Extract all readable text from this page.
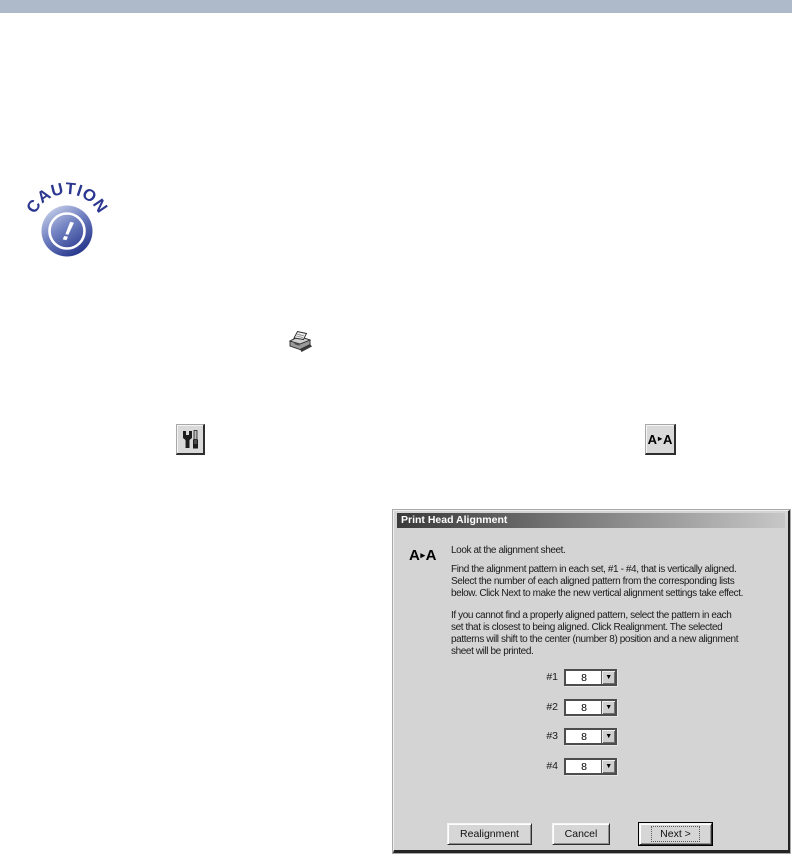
CAUTION
!
A ▸ A
Print Head Alignment
A ▸ A Look at the alignment sheet.
Find the alignment pattern in each set, #1 - #4, that is vertically aligned.
Select the number of each aligned pattern from the corresponding lists
below. Click Next to make the new vertical alignment settings take effect.
If you cannot find a properly aligned pattern, select the pattern in each
set that is closest to being aligned. Click Realignment. The selected
patterns will shift to the center (number 8) position and a new alignment
sheet will be printed.
#1	8	▼
#2	8	▼
#3	8	▼
#4	8	▼
Realignment	Cancel	Next >
